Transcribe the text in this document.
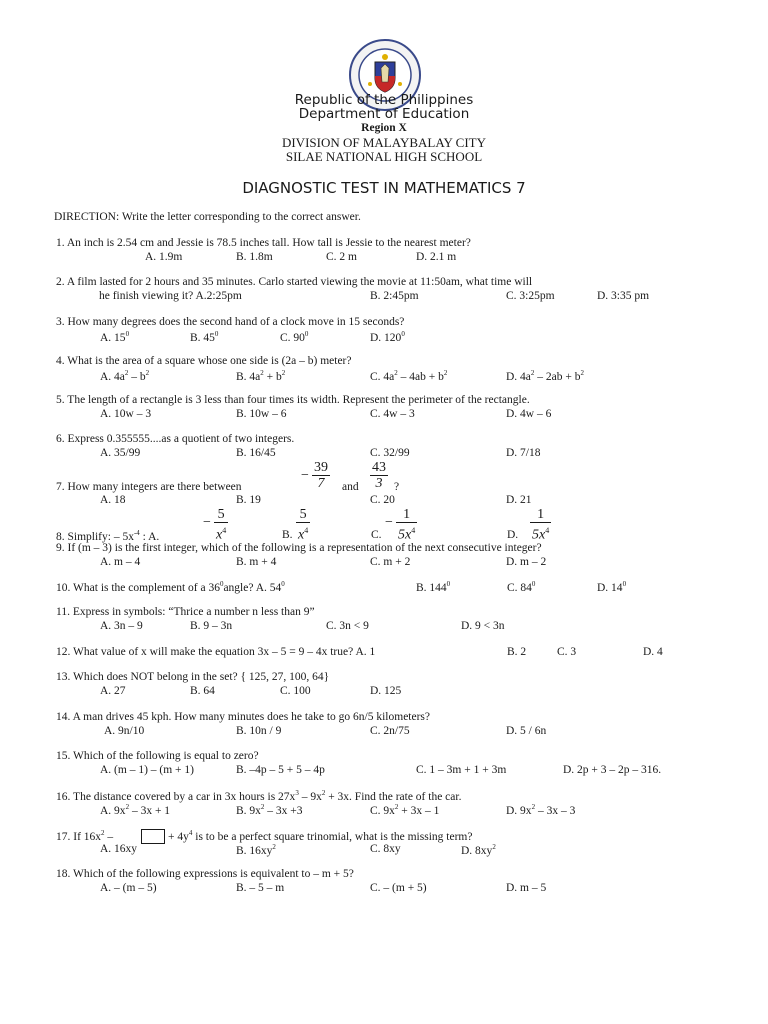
Republic of the Philippines
Department of Education
Region X
DIVISION OF MALAYBALAY CITY
SILAE NATIONAL HIGH SCHOOL
DIAGNOSTIC TEST IN MATHEMATICS 7
DIRECTION: Write the letter corresponding to the correct answer.
1. An inch is 2.54 cm and Jessie is 78.5 inches tall. How tall is Jessie to the nearest meter?
A. 1.9m	B. 1.8m	C. 2 m	D. 2.1 m
2. A film lasted for 2 hours and 35 minutes. Carlo started viewing the movie at 11:50am, what time will
he finish viewing it? A.2:25pm	B. 2:45pm	C. 3:25pm	D. 3:35 pm
3. How many degrees does the second hand of a clock move in 15 seconds?
A. $15^0$	B. $45^0$	C. $90^0$	D. $120^0$
4. What is the area of a square whose one side is (2a – b) meter?
A. $4a^2 - b^2$	B. $4a^2 + b^2$	C. $4a^2 - 4ab + b^2$	D. $4a^2 - 2ab + b^2$
5. The length of a rectangle is 3 less than four times its width. Represent the perimeter of the rectangle.
A. 10w – 3	B. 10w – 6	C. 4w – 3	D. 4w – 6
6. Express 0.355555....as a quotient of two integers.
A. 35/99	B. 16/45	C. 32/99	D. 7/18
7. How many integers are there between
−
39
7	and $\frac{43}{3}$ ?
A. 18	B. 19	C. 20	D. 21
8. Simplify: – $5x^{-4}$ : A.
−
5
$x^4$	B. $\frac{5}{x^4}$	C.
−
1
$5x^4$	D. $\frac{1}{5x^4}$
9. If (m – 3) is the first integer, which of the following is a representation of the next consecutive integer?
A. m – 4	B. m + 4	C. m + 2	D. m – 2
10. What is the complement of a $36^0angle$? A. $54^0$	B. $144^0$	C. $84^0$	D. $14^0$
11. Express in symbols: “Thrice a number n less than 9”
A. 3n – 9	B. 9 – 3n	C. 3n < 9	D. 9 < 3n
12. What value of x will make the equation 3x – 5 = 9 – 4x true? A. 1	B. 2	C. 3	D. 4
13. Which does NOT belong in the set? { 125, 27, 100, 64}
A. 27	B. 64	C. 100	D. 125
14. A man drives 45 kph. How many minutes does he take to go 6n/5 kilometers?
A. 9n/10	B. 10n / 9	C. 2n/75	D. 5 / 6n
15. Which of the following is equal to zero?
A. (m – 1) – (m + 1)	B. –4p – 5 + 5 – 4p	C. 1 – 3m + 1 + 3m	D. 2p + 3 – 2p – 316.
16. The distance covered by a car in 3x hours is $27x^3 - 9x^2 + 3x$. Find the rate of the car.
A. $9x^2 - 3x + 1$	B. $9x^2 - 3x +3$	C. $9x^2 + 3x - 1$	D. $9x^2 - 3x - 3$
17. If $16x^2$ –	+ $4y^4$ is to be a perfect square trinomial, what is the missing term?
A. 16xy	B. $16xy^2$	C. 8xy	D. $8xy^2$
18. Which of the following expressions is equivalent to – m + 5?
A. – (m – 5)	B. – 5 – m	C. – (m + 5)	D. m – 5
